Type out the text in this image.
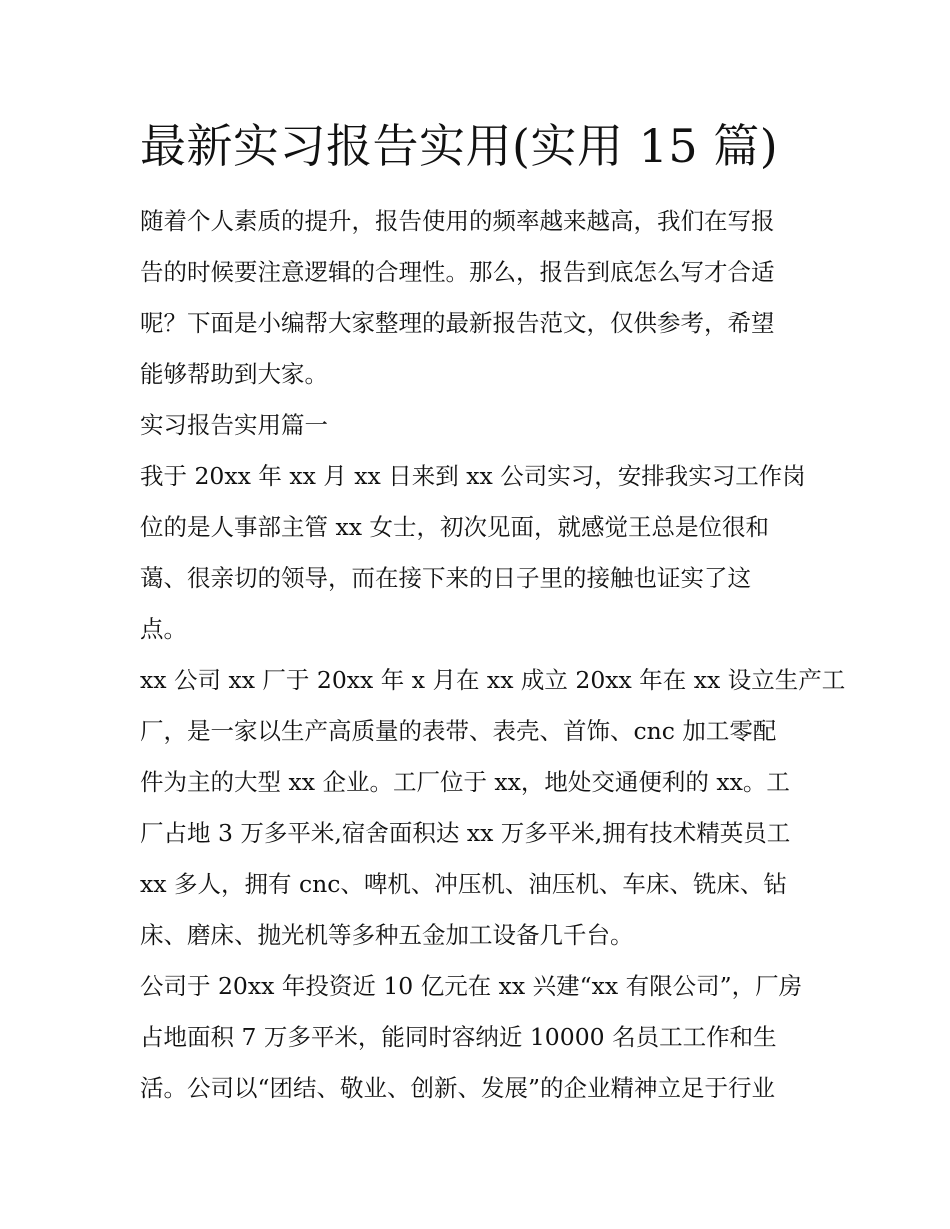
最新实习报告实用(实用 15 篇)

随着个人素质的提升，报告使用的频率越来越高，我们在写报

告的时候要注意逻辑的合理性。那么，报告到底怎么写才合适

呢？下面是小编帮大家整理的最新报告范文，仅供参考，希望

能够帮助到大家。

实习报告实用篇一

我于 20xx 年 xx 月 xx 日来到 xx 公司实习，安排我实习工作岗

位的是人事部主管 xx 女士，初次见面，就感觉王总是位很和

蔼、很亲切的领导，而在接下来的日子里的接触也证实了这

点。

xx 公司 xx 厂于 20xx 年 x 月在 xx 成立 20xx 年在 xx 设立生产工

厂，是一家以生产高质量的表带、表壳、首饰、cnc 加工零配

件为主的大型 xx 企业。工厂位于 xx，地处交通便利的 xx。工

厂占地 3 万多平米,宿舍面积达 xx 万多平米,拥有技术精英员工

xx 多人，拥有 cnc、啤机、冲压机、油压机、车床、铣床、钻

床、磨床、抛光机等多种五金加工设备几千台。

公司于 20xx 年投资近 10 亿元在 xx 兴建“xx 有限公司”，厂房

占地面积 7 万多平米，能同时容纳近 10000 名员工工作和生

活。公司以“团结、敬业、创新、发展”的企业精神立足于行业
